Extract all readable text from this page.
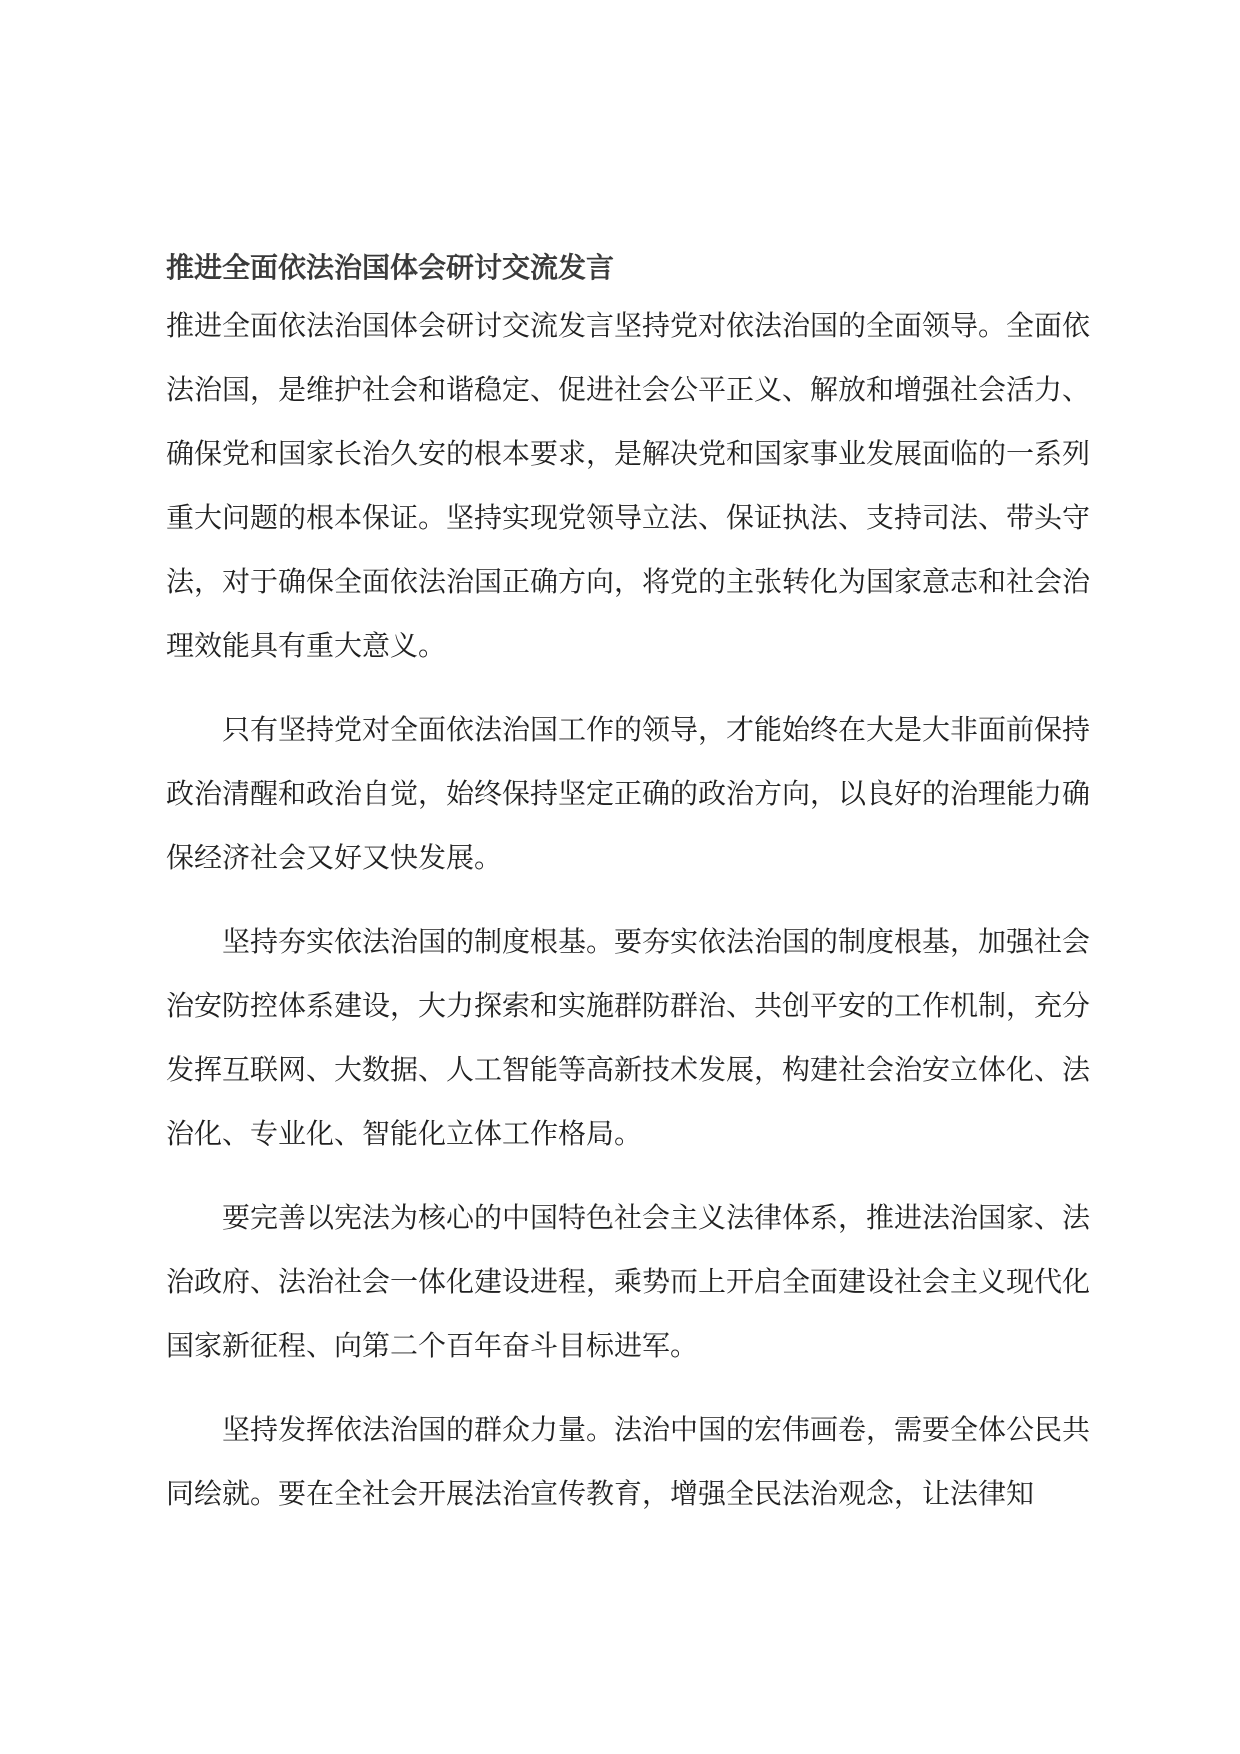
推进全面依法治国体会研讨交流发言

推进全面依法治国体会研讨交流发言坚持党对依法治国的全面领导。全面依法治国，是维护社会和谐稳定、促进社会公平正义、解放和增强社会活力、确保党和国家长治久安的根本要求，是解决党和国家事业发展面临的一系列重大问题的根本保证。坚持实现党领导立法、保证执法、支持司法、带头守法，对于确保全面依法治国正确方向，将党的主张转化为国家意志和社会治理效能具有重大意义。

只有坚持党对全面依法治国工作的领导，才能始终在大是大非面前保持政治清醒和政治自觉，始终保持坚定正确的政治方向，以良好的治理能力确保经济社会又好又快发展。

坚持夯实依法治国的制度根基。要夯实依法治国的制度根基，加强社会治安防控体系建设，大力探索和实施群防群治、共创平安的工作机制，充分发挥互联网、大数据、人工智能等高新技术发展，构建社会治安立体化、法治化、专业化、智能化立体工作格局。

要完善以宪法为核心的中国特色社会主义法律体系，推进法治国家、法治政府、法治社会一体化建设进程，乘势而上开启全面建设社会主义现代化国家新征程、向第二个百年奋斗目标进军。

坚持发挥依法治国的群众力量。法治中国的宏伟画卷，需要全体公民共同绘就。要在全社会开展法治宣传教育，增强全民法治观念，让法律知
